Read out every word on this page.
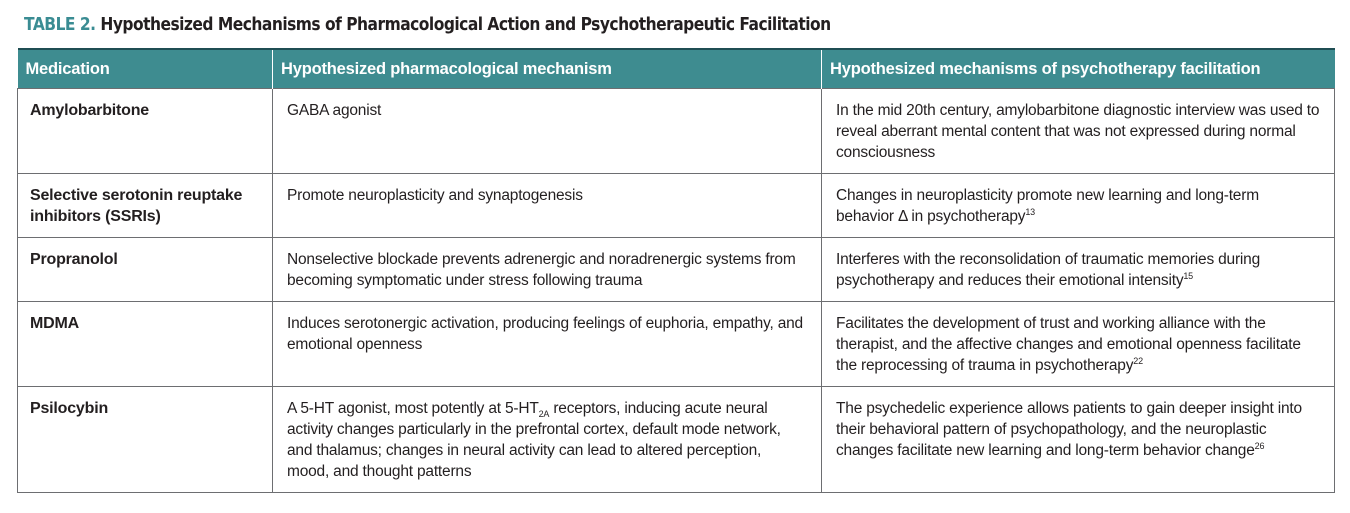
TABLE 2. Hypothesized Mechanisms of Pharmacological Action and Psychotherapeutic Facilitation
Medication	Hypothesized pharmacological mechanism	Hypothesized mechanisms of psychotherapy facilitation
Amylobarbitone	GABA agonist	In the mid 20th century, amylobarbitone diagnostic interview was used to reveal aberrant mental content that was not expressed during normal consciousness
Selective serotonin reuptake inhibitors (SSRIs)	Promote neuroplasticity and synaptogenesis	Changes in neuroplasticity promote new learning and long-term behavior Δ in psychotherapy$^{13}$
Propranolol	Nonselective blockade prevents adrenergic and noradrenergic systems from becoming symptomatic under stress following trauma	Interferes with the reconsolidation of traumatic memories during psychotherapy and reduces their emotional intensity$^{15}$
MDMA	Induces serotonergic activation, producing feelings of euphoria, empathy, and emotional openness	Facilitates the development of trust and working alliance with the therapist, and the affective changes and emotional openness facilitate the reprocessing of trauma in psychotherapy$^{22}$
Psilocybin	A 5-HT agonist, most potently at $5-HT_{2A}$ receptors, inducing acute neural activity changes particularly in the prefrontal cortex, default mode network, and thalamus; changes in neural activity can lead to altered perception, mood, and thought patterns	The psychedelic experience allows patients to gain deeper insight into their behavioral pattern of psychopathology, and the neuroplastic changes facilitate new learning and long-term behavior change$^{26}$
